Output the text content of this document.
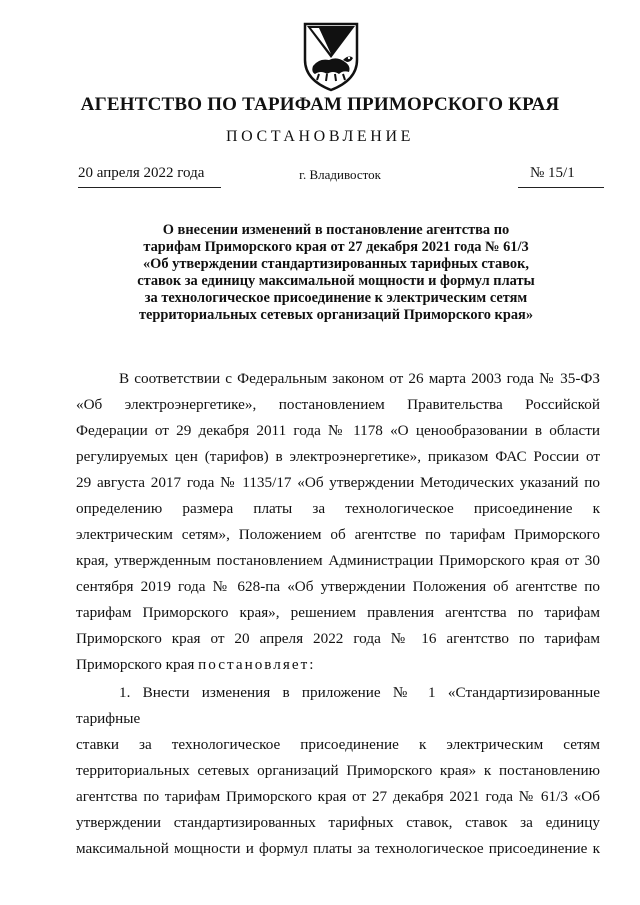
АГЕНТСТВО ПО ТАРИФАМ ПРИМОРСКОГО КРАЯ
ПОСТАНОВЛЕНИЕ

20 апреля 2022 года	г. Владивосток	№ 15/1

О внесении изменений в постановление агентства по
тарифам Приморского края от 27 декабря 2021 года № 61/3
«Об утверждении стандартизированных тарифных ставок,
ставок за единицу максимальной мощности и формул платы
за технологическое присоединение к электрическим сетям
территориальных сетевых организаций Приморского края»
В соответствии с Федеральным законом от 26 марта 2003 года № 35-ФЗ
«Об электроэнергетике», постановлением Правительства Российской
Федерации от 29 декабря 2011 года № 1178 «О ценообразовании в области
регулируемых цен (тарифов) в электроэнергетике», приказом ФАС России от
29 августа 2017 года № 1135/17 «Об утверждении Методических указаний по
определению размера платы за технологическое присоединение к
электрическим сетям», Положением об агентстве по тарифам Приморского
края, утвержденным постановлением Администрации Приморского края от 30
сентября 2019 года № 628-па «Об утверждении Положения об агентстве по
тарифам Приморского края», решением правления агентства по тарифам
Приморского края от 20 апреля 2022 года № 16 агентство по тарифам
Приморского края постановляет:
1. Внести изменения в приложение № 1 «Стандартизированные тарифные
ставки за технологическое присоединение к электрическим сетям
территориальных сетевых организаций Приморского края» к постановлению
агентства по тарифам Приморского края от 27 декабря 2021 года № 61/3 «Об
утверждении стандартизированных тарифных ставок, ставок за единицу
максимальной мощности и формул платы за технологическое присоединение к
